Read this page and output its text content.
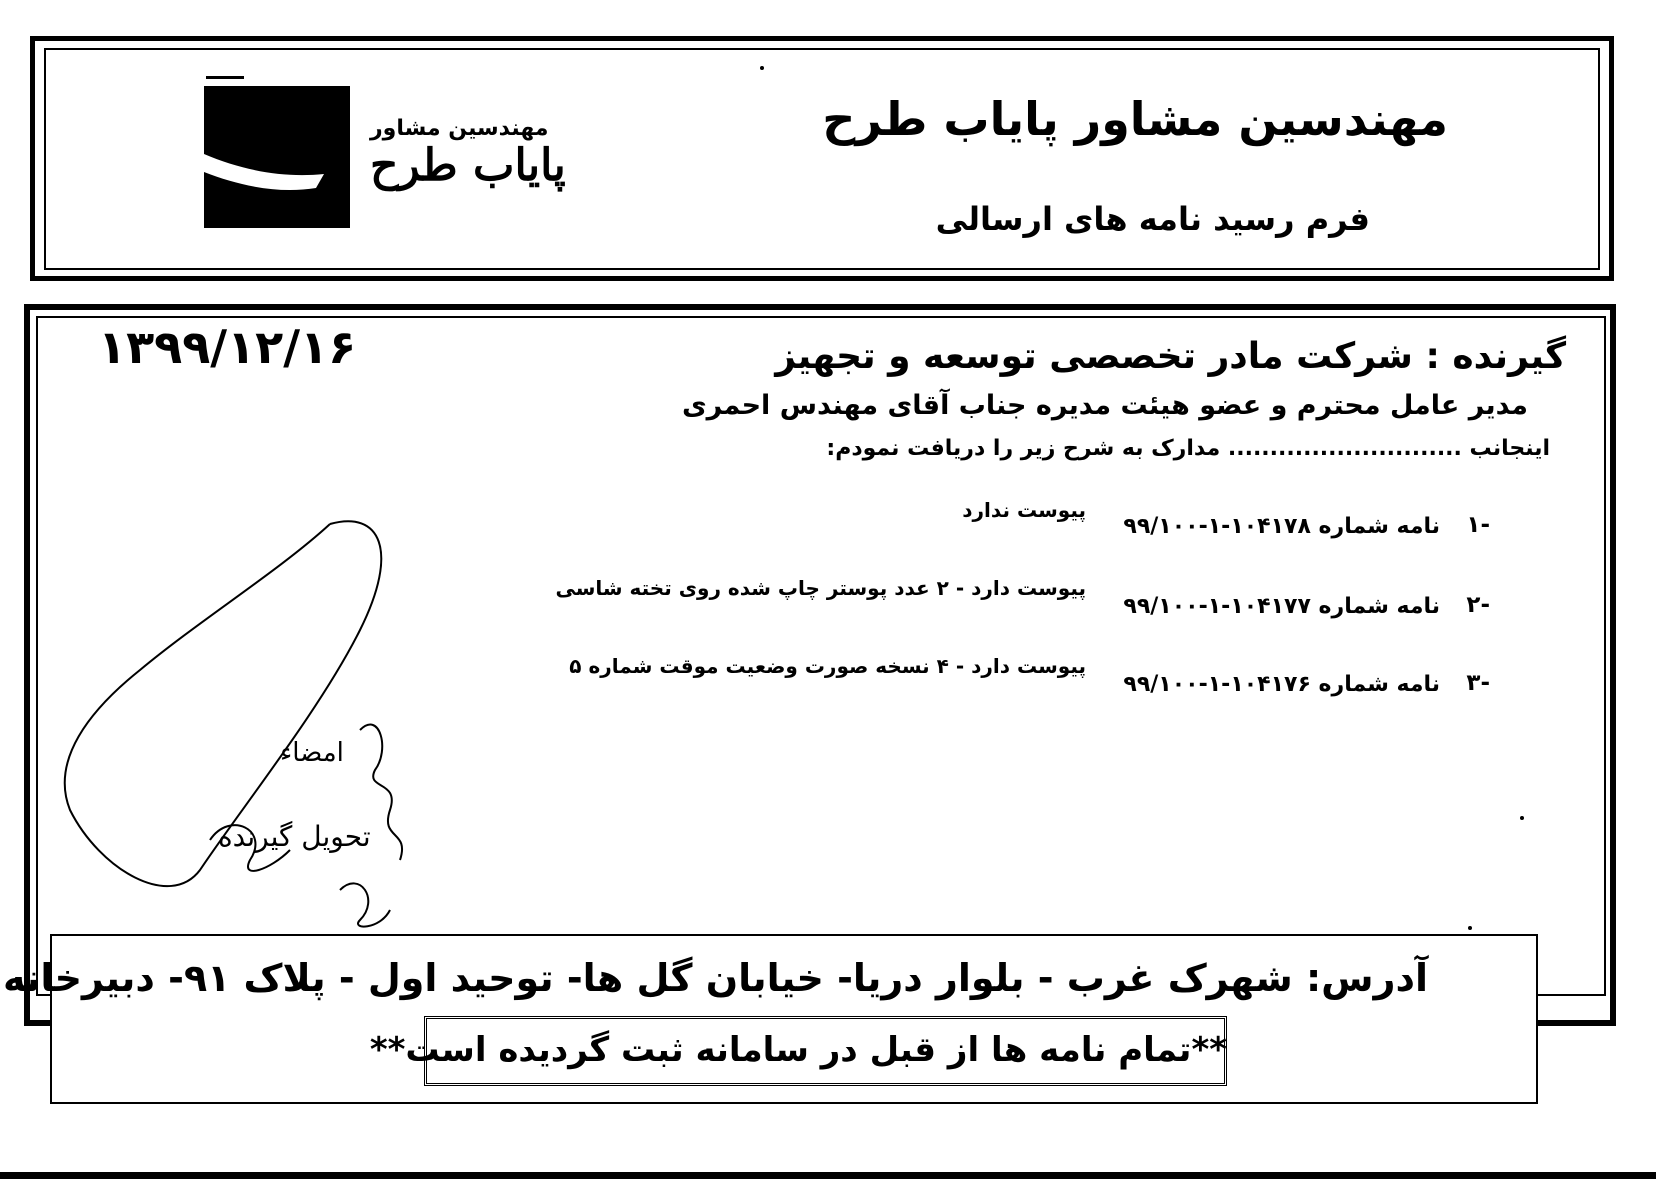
مهندسین مشاور
پایاب طرح
مهندسین مشاور پایاب طرح
فرم رسید نامه های ارسالی
۱۳۹۹/۱۲/۱۶	گیرنده : شرکت مادر تخصصی توسعه و تجهیز
مدیر عامل محترم و عضو هیئت مدیره جناب آقای مهندس احمری
اینجانب ............................ مدارک به شرح زیر را دریافت نمودم:
۱-
نامه شماره ۱۰۴۱۷۸-۱-۹۹/۱۰۰
پیوست ندارد
۲-
نامه شماره ۱۰۴۱۷۷-۱-۹۹/۱۰۰
پیوست دارد - ۲ عدد پوستر چاپ شده روی تخته شاسی
۳-
نامه شماره ۱۰۴۱۷۶-۱-۹۹/۱۰۰
پیوست دارد - ۴ نسخه صورت وضعیت موقت شماره ۵
امضاء
تحویل گیرنده
آدرس: شهرک غرب - بلوار دریا- خیابان گل ها- توحید اول - پلاک ۹۱- دبیرخانه
**تمام نامه ها از قبل در سامانه ثبت گردیده است**
